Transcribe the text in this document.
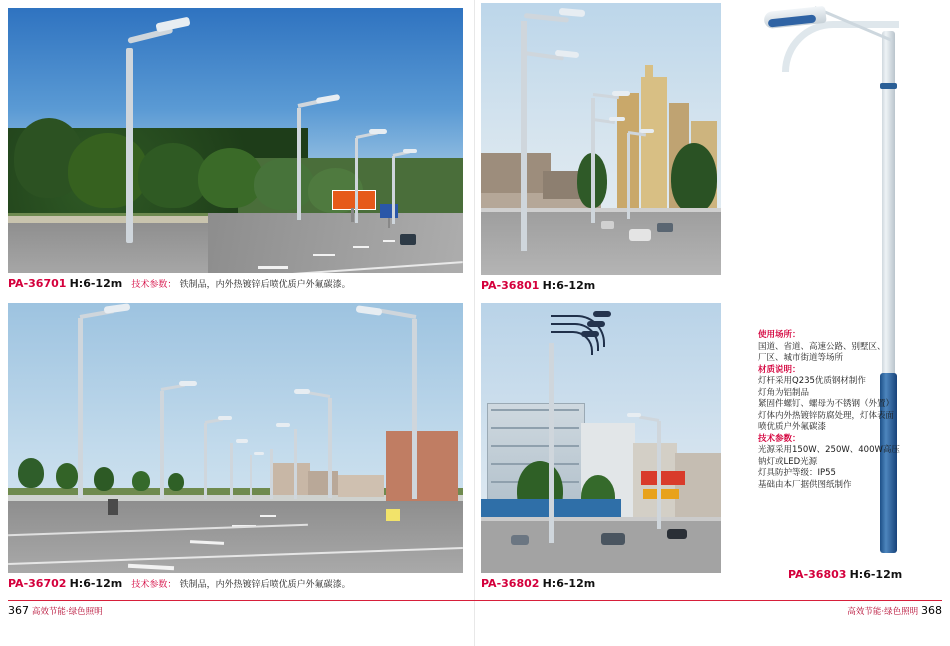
PA-36701 H:6-12m 技术参数： 铁制品，内外热镀锌后喷优质户外氟碳漆。	PA-36801 H:6-12m
PA-36702 H:6-12m 技术参数： 铁制品，内外热镀锌后喷优质户外氟碳漆。	PA-36802 H:6-12m
使用场所：
国道、省道、高速公路、别墅区、
厂区、城市街道等场所
材质说明：
灯杆采用Q235优质钢材制作
灯角为铝制品
紧固件螺钉、螺母为不锈钢（外置）
灯体内外热镀锌防腐处理，灯体表面
喷优质户外氟碳漆
技术参数：
光源采用150W、250W、400W高压
钠灯或LED光源
灯具防护等级：IP55
基础由本厂据供图纸制作
PA-36803 H:6-12m
367 高效节能·绿色照明	高效节能·绿色照明 368
